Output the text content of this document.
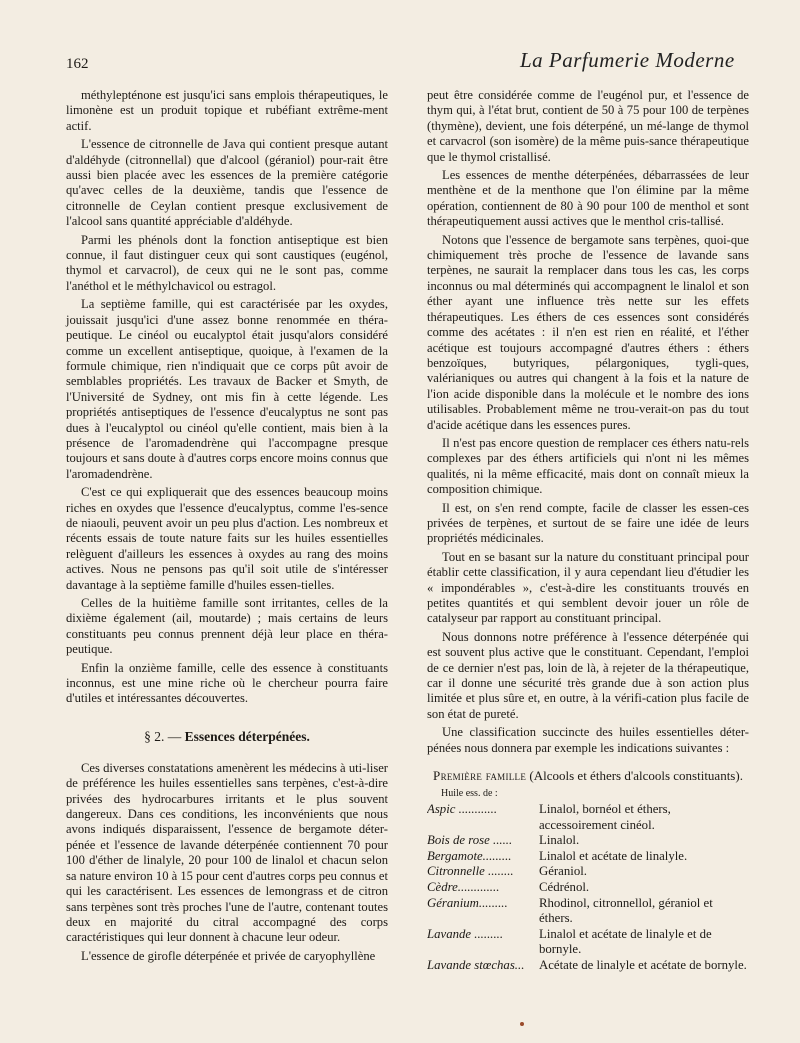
162	La Parfumerie Moderne

méthylepténone est jusqu'ici sans emplois thérapeutiques, le limonène est un produit topique et rubéfiant extrême-ment actif.

L'essence de citronnelle de Java qui contient presque autant d'aldéhyde (citronnellal) que d'alcool (géraniol) pour-rait être aussi bien placée avec les essences de la première catégorie qu'avec celles de la deuxième, tandis que l'essence de citronnelle de Ceylan contient presque exclusivement de l'alcool sans quantité appréciable d'aldéhyde.

Parmi les phénols dont la fonction antiseptique est bien connue, il faut distinguer ceux qui sont caustiques (eugénol, thymol et carvacrol), de ceux qui ne le sont pas, comme l'anéthol et le méthylchavicol ou estragol.

La septième famille, qui est caractérisée par les oxydes, jouissait jusqu'ici d'une assez bonne renommée en théra-peutique. Le cinéol ou eucalyptol était jusqu'alors considéré comme un excellent antiseptique, quoique, à l'examen de la formule chimique, rien n'indiquait que ce corps pût avoir de semblables propriétés. Les travaux de Backer et Smyth, de l'Université de Sydney, ont mis fin à cette légende. Les propriétés antiseptiques de l'essence d'eucalyptus ne sont pas dues à l'eucalyptol ou cinéol qu'elle contient, mais bien à la présence de l'aromadendrène qui l'accompagne presque toujours et sans doute à d'autres corps encore moins connus que l'aromadendrène.

C'est ce qui expliquerait que des essences beaucoup moins riches en oxydes que l'essence d'eucalyptus, comme l'es-sence de niaouli, peuvent avoir un peu plus d'action. Les nombreux et récents essais de toute nature faits sur les huiles essentielles relèguent d'ailleurs les essences à oxydes au rang des moins actives. Nous ne pensons pas qu'il soit utile de s'intéresser davantage à la septième famille d'huiles essen-tielles.

Celles de la huitième famille sont irritantes, celles de la dixième également (ail, moutarde) ; mais certains de leurs constituants peu connus prennent déjà leur place en théra-peutique.

Enfin la onzième famille, celle des essence à constituants inconnus, est une mine riche où le chercheur pourra faire d'utiles et intéressantes découvertes.

§ 2. — Essences déterpénées.

Ces diverses constatations amenèrent les médecins à uti-liser de préférence les huiles essentielles sans terpènes, c'est-à-dire privées des hydrocarbures irritants et le plus souvent dangereux. Dans ces conditions, les inconvénients que nous avons indiqués disparaissent, l'essence de bergamote déter-pénée et l'essence de lavande déterpénée contiennent 70 pour 100 d'éther de linalyle, 20 pour 100 de linalol et chacun selon sa nature environ 10 à 15 pour cent d'autres corps peu connus et qui les caractérisent. Les essences de lemongrass et de citron sans terpènes sont très proches l'une de l'autre, contenant toutes deux en majorité du citral accompagné des corps caractéristiques qui leur donnent à chacune leur odeur.

L'essence de girofle déterpénée et privée de caryophyllène

peut être considérée comme de l'eugénol pur, et l'essence de thym qui, à l'état brut, contient de 50 à 75 pour 100 de terpènes (thymène), devient, une fois déterpéné, un mé-lange de thymol et carvacrol (son isomère) de la même puis-sance thérapeutique que le thymol cristallisé.

Les essences de menthe déterpénées, débarrassées de leur menthène et de la menthone que l'on élimine par la même opération, contiennent de 80 à 90 pour 100 de menthol et sont thérapeutiquement aussi actives que le menthol cris-tallisé.

Notons que l'essence de bergamote sans terpènes, quoi-que chimiquement très proche de l'essence de lavande sans terpènes, ne saurait la remplacer dans tous les cas, les corps inconnus ou mal déterminés qui accompagnent le linalol et son éther ayant une influence très nette sur les effets thérapeutiques. Les éthers de ces essences sont considérés comme des acétates : il n'en est rien en réalité, et l'éther acétique est toujours accompagné d'autres éthers : éthers benzoïques, butyriques, pélargoniques, tygli-ques, valérianiques ou autres qui changent à la fois et la nature de l'ion acide disponible dans la molécule et le nombre des ions utilisables. Probablement même ne trou-verait-on pas du tout d'acide acétique dans les essences pures.

Il n'est pas encore question de remplacer ces éthers natu-rels complexes par des éthers artificiels qui n'ont ni les mêmes qualités, ni la même efficacité, mais dont on connaît mieux la composition chimique.

Il est, on s'en rend compte, facile de classer les essen-ces privées de terpènes, et surtout de se faire une idée de leurs propriétés médicinales.

Tout en se basant sur la nature du constituant principal pour établir cette classification, il y aura cependant lieu d'étudier les « impondérables », c'est-à-dire les constituants trouvés en petites quantités et qui semblent devoir jouer un rôle de catalyseur par rapport au constituant principal.

Nous donnons notre préférence à l'essence déterpénée qui est souvent plus active que le constituant. Cependant, l'emploi de ce dernier n'est pas, loin de là, à rejeter de la thérapeutique, car il donne une sécurité très grande due à son action plus limitée et plus sûre et, en outre, à la vérifi-cation plus facile de son état de pureté.

Une classification succincte des huiles essentielles déter-pénées nous donnera par exemple les indications suivantes :

Première famille (Alcools et éthers d'alcools constituants).
Huile ess. de :
Aspic ............	Linalol, bornéol et éthers, accessoirement cinéol.
Bois de rose ......	Linalol.
Bergamote.........	Linalol et acétate de linalyle.
Citronnelle ........	Géraniol.
Cèdre.............	Cédrénol.
Géranium.........	Rhodinol, citronnellol, géraniol et éthers.
Lavande .........	Linalol et acétate de linalyle et de bornyle.
Lavande stœchas...	Acétate de linalyle et acétate de bornyle.
